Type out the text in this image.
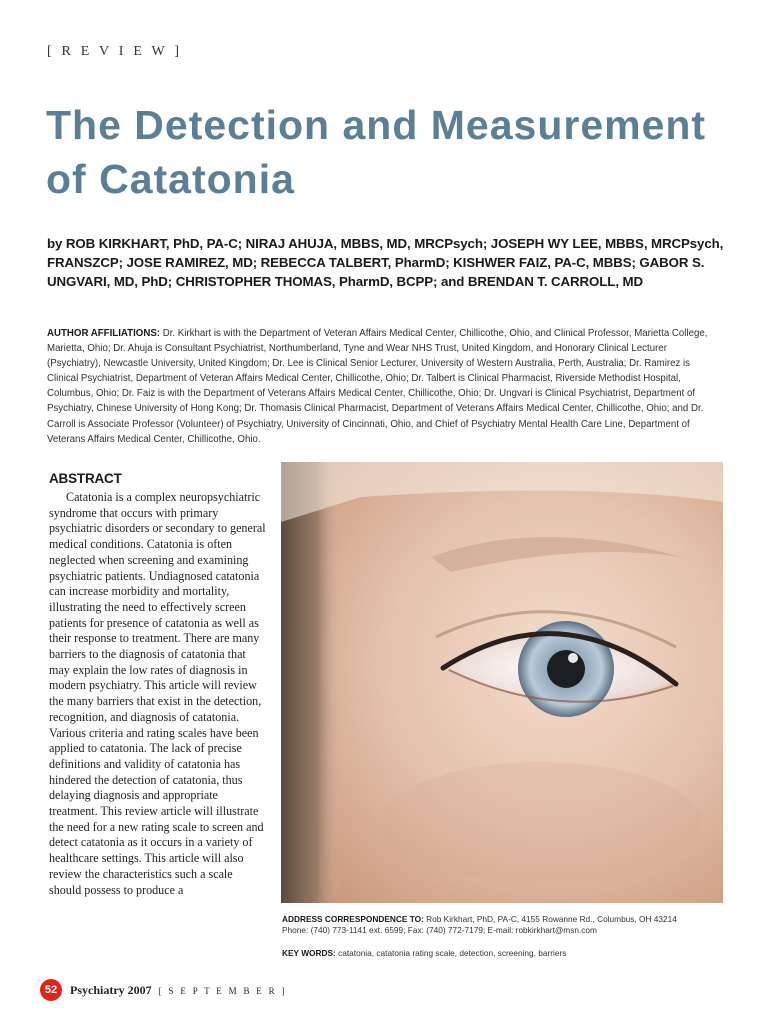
[ R E V I E W ]
The Detection and Measurement of Catatonia

by ROB KIRKHART, PhD, PA-C; NIRAJ AHUJA, MBBS, MD, MRCPsych; JOSEPH WY LEE, MBBS, MRCPsych, FRANSZCP; JOSE RAMIREZ, MD; REBECCA TALBERT, PharmD; KISHWER FAIZ, PA-C, MBBS; GABOR S. UNGVARI, MD, PhD; CHRISTOPHER THOMAS, PharmD, BCPP; and BRENDAN T. CARROLL, MD

AUTHOR AFFILIATIONS: Dr. Kirkhart is with the Department of Veteran Affairs Medical Center, Chillicothe, Ohio, and Clinical Professor, Marietta College, Marietta, Ohio; Dr. Ahuja is Consultant Psychiatrist, Northumberland, Tyne and Wear NHS Trust, United Kingdom, and Honorary Clinical Lecturer (Psychiatry), Newcastle University, United Kingdom; Dr. Lee is Clinical Senior Lecturer, University of Western Australia, Perth, Australia; Dr. Ramirez is Clinical Psychiatrist, Department of Veteran Affairs Medical Center, Chillicothe, Ohio; Dr. Talbert is Clinical Pharmacist, Riverside Methodist Hospital, Columbus, Ohio; Dr. Faiz is with the Department of Veterans Affairs Medical Center, Chillicothe, Ohio; Dr. Ungvari is Clinical Psychiatrist, Department of Psychiatry, Chinese University of Hong Kong; Dr. Thomasis Clinical Pharmacist, Department of Veterans Affairs Medical Center, Chillicothe, Ohio; and Dr. Carroll is Associate Professor (Volunteer) of Psychiatry, University of Cincinnati, Ohio, and Chief of Psychiatry Mental Health Care Line, Department of Veterans Affairs Medical Center, Chillicothe, Ohio.

ABSTRACT

Catatonia is a complex neuropsychiatric syndrome that occurs with primary psychiatric disorders or secondary to general medical conditions. Catatonia is often neglected when screening and examining psychiatric patients. Undiagnosed catatonia can increase morbidity and mortality, illustrating the need to effectively screen patients for presence of catatonia as well as their response to treatment. There are many barriers to the diagnosis of catatonia that may explain the low rates of diagnosis in modern psychiatry. This article will review the many barriers that exist in the detection, recognition, and diagnosis of catatonia. Various criteria and rating scales have been applied to catatonia. The lack of precise definitions and validity of catatonia has hindered the detection of catatonia, thus delaying diagnosis and appropriate treatment. This review article will illustrate the need for a new rating scale to screen and detect catatonia as it occurs in a variety of healthcare settings. This article will also review the characteristics such a scale should possess to produce a

ADDRESS CORRESPONDENCE TO: Rob Kirkhart, PhD, PA-C, 4155 Rowanne Rd., Columbus, OH 43214
Phone: (740) 773-1141 ext. 6599; Fax: (740) 772-7179; E-mail: robkirkhart@msn.com

KEY WORDS: catatonia, catatonia rating scale, detection, screening, barriers

52	Psychiatry 2007 [ S E P T E M B E R ]
